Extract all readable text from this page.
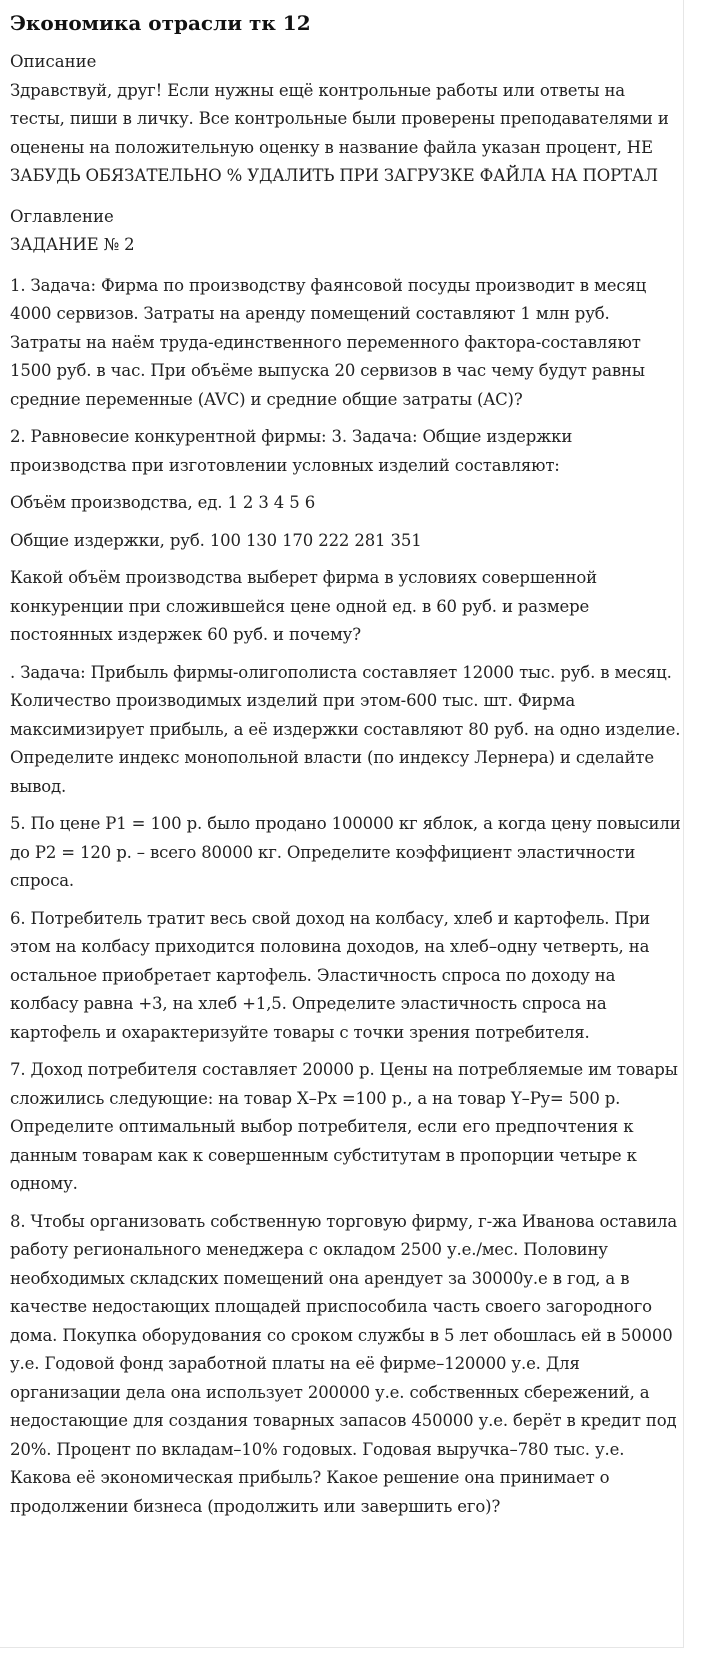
Экономика отрасли тк 12
Описание

Здравствуй, друг! Если нужны ещё контрольные работы или ответы на тесты, пиши в личку. Все контрольные были проверены преподавателями и оценены на положительную оценку в название файла указан процент, НЕ ЗАБУДЬ ОБЯЗАТЕЛЬНО % УДАЛИТЬ ПРИ ЗАГРУЗКЕ ФАЙЛА НА ПОРТАЛ

Оглавление

ЗАДАНИЕ № 2

1. Задача: Фирма по производству фаянсовой посуды производит в месяц 4000 сервизов. Затраты на аренду помещений составляют 1 млн руб. Затраты на наём труда-единственного переменного фактора-составляют 1500 руб. в час. При объёме выпуска 20 сервизов в час чему будут равны средние переменные (AVC) и средние общие затраты (AC)?

2. Равновесие конкурентной фирмы: 3. Задача: Общие издержки производства при изготовлении условных изделий составляют:

Объём производства, ед. 1 2 3 4 5 6

Общие издержки, руб. 100 130 170 222 281 351

Какой объём производства выберет фирма в условиях совершенной конкуренции при сложившейся цене одной ед. в 60 руб. и размере постоянных издержек 60 руб. и почему?

. Задача: Прибыль фирмы-олигополиста составляет 12000 тыс. руб. в месяц. Количество производимых изделий при этом-600 тыс. шт. Фирма максимизирует прибыль, а её издержки составляют 80 руб. на одно изделие. Определите индекс монопольной власти (по индексу Лернера) и сделайте вывод.

5. По цене P1 = 100 р. было продано 100000 кг яблок, а когда цену повысили до P2 = 120 р. – всего 80000 кг. Определите коэффициент эластичности спроса.

6. Потребитель тратит весь свой доход на колбасу, хлеб и картофель. При этом на колбасу приходится половина доходов, на хлеб–одну четверть, на остальное приобретает картофель. Эластичность спроса по доходу на колбасу равна +3, на хлеб +1,5. Определите эластичность спроса на картофель и охарактеризуйте товары с точки зрения потребителя.

7. Доход потребителя составляет 20000 р. Цены на потребляемые им товары сложились следующие: на товар X–Px =100 р., а на товар Y–Py= 500 р. Определите оптимальный выбор потребителя, если его предпочтения к данным товарам как к совершенным субститутам в пропорции четыре к одному.

8. Чтобы организовать собственную торговую фирму, г-жа Иванова оставила работу регионального менеджера с окладом 2500 у.е./мес. Половину необходимых складских помещений она арендует за 30000у.е в год, а в качестве недостающих площадей приспособила часть своего загородного дома. Покупка оборудования со сроком службы в 5 лет обошлась ей в 50000 у.е. Годовой фонд заработной платы на её фирме–120000 у.е. Для организации дела она использует 200000 у.е. собственных сбережений, а недостающие для создания товарных запасов 450000 у.е. берёт в кредит под 20%. Процент по вкладам–10% годовых. Годовая выручка–780 тыс. у.е. Какова её экономическая прибыль? Какое решение она принимает о продолжении бизнеса (продолжить или завершить его)?
